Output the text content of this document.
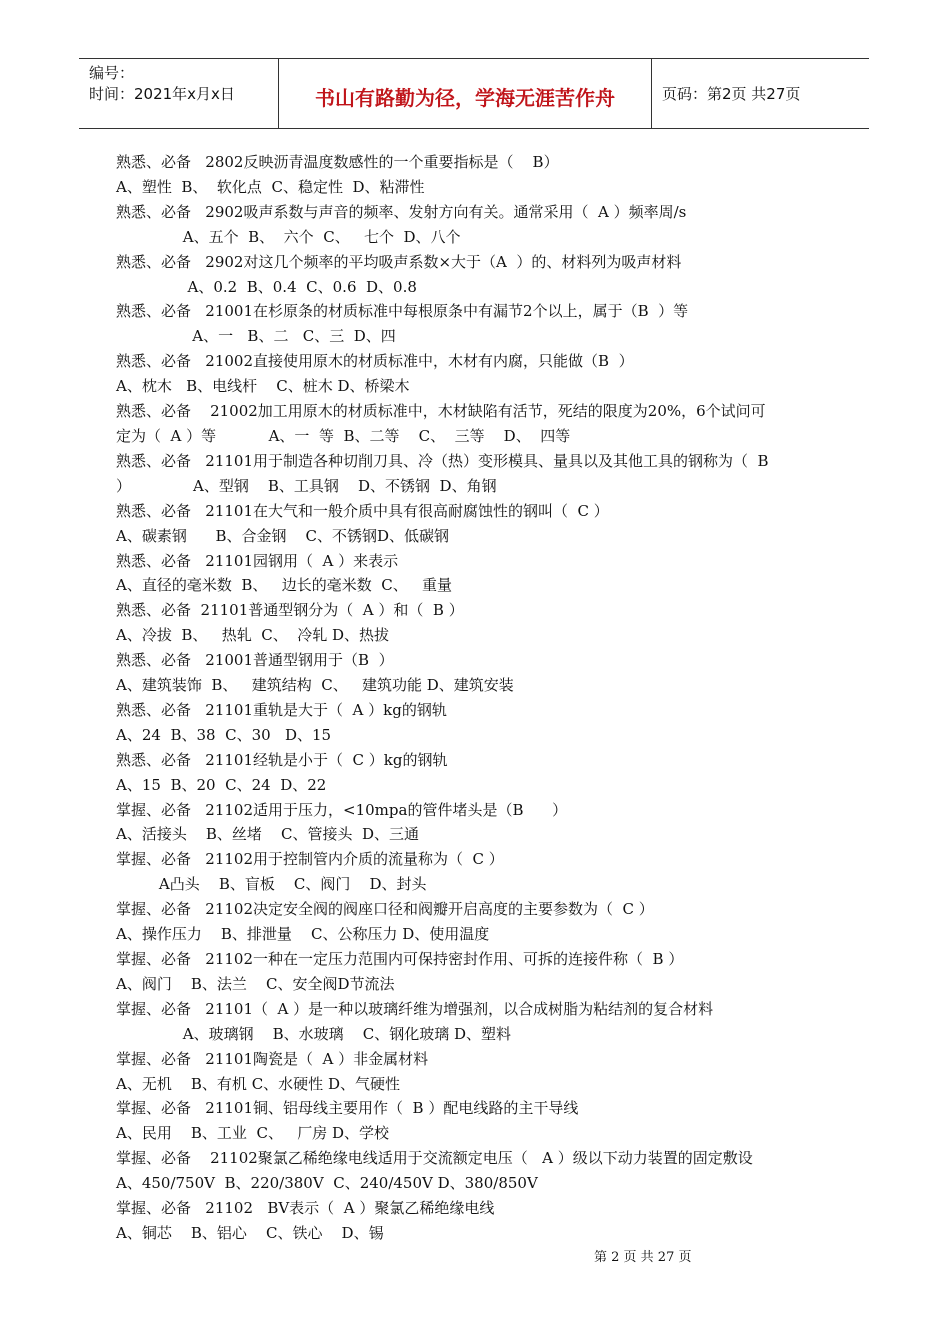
编号：
时间：2021年x月x日	书山有路勤为径，学海无涯苦作舟	页码：第2页 共27页
熟悉、必备   2802反映沥青温度数感性的一个重要指标是（    B）
A、塑性  B、  软化点  C、稳定性  D、粘滞性
熟悉、必备   2902吸声系数与声音的频率、发射方向有关。通常采用（  A ）频率周/s
A、五个  B、  六个  C、   七个  D、八个
熟悉、必备   2902对这几个频率的平均吸声系数×大于（A  ）的、材料列为吸声材料
A、0.2  B、0.4  C、0.6  D、0.8
熟悉、必备   21001在杉原条的材质标准中每根原条中有漏节2个以上，属于（B  ）等
A、一   B、二   C、三  D、四
熟悉、必备   21002直接使用原木的材质标准中，木材有内腐，只能做（B  ）
A、枕木   B、电线杆    C、桩木 D、桥梁木
熟悉、必备    21002加工用原木的材质标准中，木材缺陷有活节，死结的限度为20%，6个试问可
定为（  A ）等           A、一  等  B、二等    C、  三等    D、  四等
熟悉、必备   21101用于制造各种切削刀具、冷（热）变形模具、量具以及其他工具的钢称为（  B
）             A、型钢    B、工具钢    D、不锈钢  D、角钢
熟悉、必备   21101在大气和一般介质中具有很高耐腐蚀性的钢叫（  C ）
A、碳素钢      B、合金钢    C、不锈钢D、低碳钢
熟悉、必备   21101园钢用（  A ）来表示
A、直径的毫米数  B、   边长的毫米数  C、   重量
熟悉、必备  21101普通型钢分为（  A ）和（  B ）
A、冷拔  B、   热轧  C、  冷轧 D、热拔
熟悉、必备   21001普通型钢用于（B  ）
A、建筑装饰  B、   建筑结构  C、   建筑功能 D、建筑安装
熟悉、必备   21101重轨是大于（  A ）kg的钢轨
A、24  B、38  C、30   D、15
熟悉、必备   21101经轨是小于（  C ）kg的钢轨
A、15  B、20  C、24  D、22
掌握、必备   21102适用于压力，<10mpa的管件堵头是（B      ）
A、活接头    B、丝堵    C、管接头  D、三通
掌握、必备   21102用于控制管内介质的流量称为（  C ）
A凸头    B、盲板    C、阀门    D、封头
掌握、必备   21102决定安全阀的阀座口径和阀瓣开启高度的主要参数为（  C ）
A、操作压力    B、排泄量    C、公称压力 D、使用温度
掌握、必备   21102一种在一定压力范围内可保持密封作用、可拆的连接件称（  B ）
A、阀门    B、法兰    C、安全阀D节流法
掌握、必备   21101（  A ）是一种以玻璃纤维为增强剂，以合成树脂为粘结剂的复合材料
A、玻璃钢    B、水玻璃    C、钢化玻璃 D、塑料
掌握、必备   21101陶瓷是（  A ）非金属材料
A、无机    B、有机 C、水硬性 D、气硬性
掌握、必备   21101铜、铝母线主要用作（  B ）配电线路的主干导线
A、民用    B、工业  C、   厂房 D、学校
掌握、必备    21102聚氯乙稀绝缘电线适用于交流额定电压（   A ）级以下动力装置的固定敷设
A、450/750V  B、220/380V  C、240/450V D、380/850V
掌握、必备   21102   BV表示（  A ）聚氯乙稀绝缘电线
A、铜芯    B、铝心    C、铁心    D、锡
第 2 页 共 27 页
